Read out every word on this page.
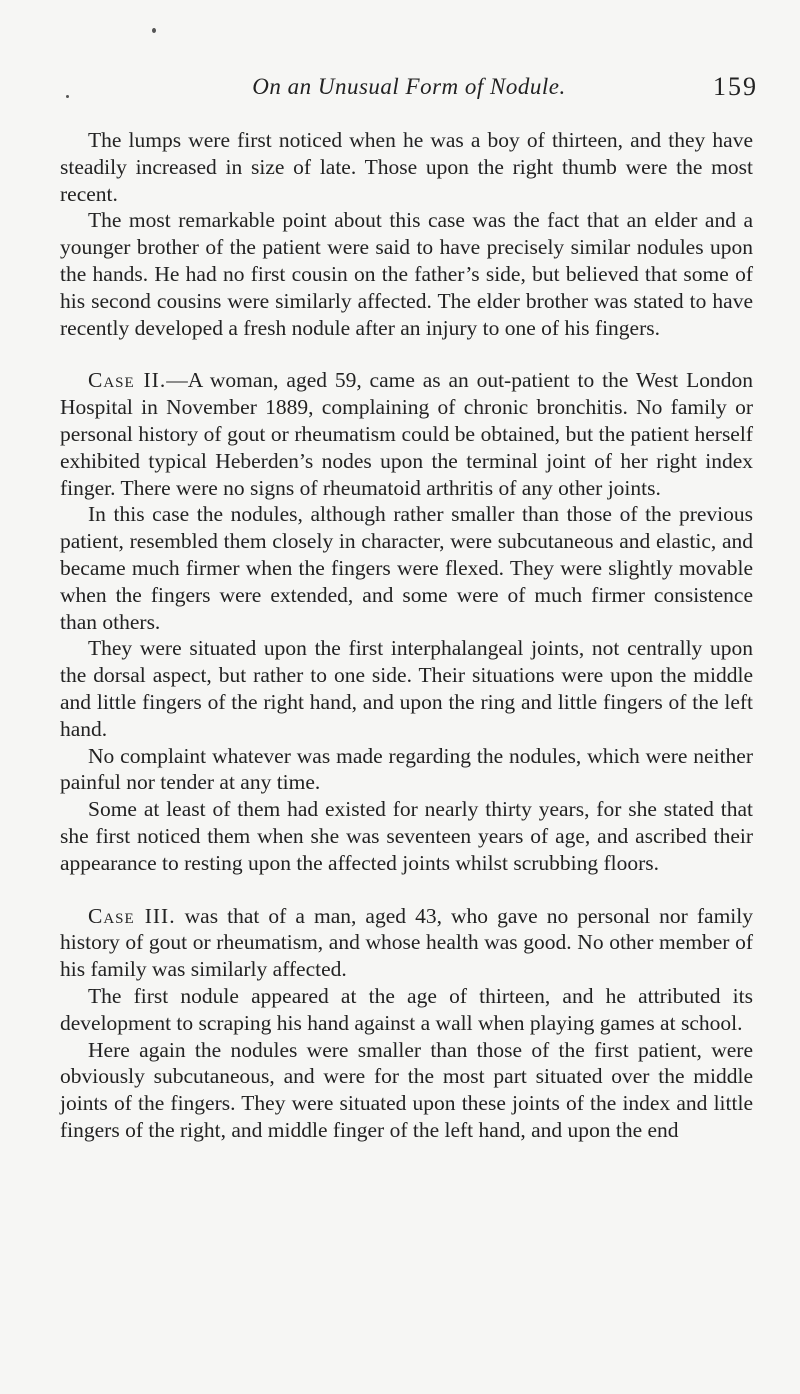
On an Unusual Form of Nodule.	159

The lumps were first noticed when he was a boy of thirteen, and they have steadily increased in size of late. Those upon the right thumb were the most recent.

The most remarkable point about this case was the fact that an elder and a younger brother of the patient were said to have precisely similar nodules upon the hands. He had no first cousin on the father’s side, but believed that some of his second cousins were similarly affected. The elder brother was stated to have recently developed a fresh nodule after an injury to one of his fingers.

Case II.—A woman, aged 59, came as an out-patient to the West London Hospital in November 1889, complaining of chronic bronchitis. No family or personal history of gout or rheumatism could be obtained, but the patient herself exhibited typical Heberden’s nodes upon the terminal joint of her right index finger. There were no signs of rheumatoid arthritis of any other joints.

In this case the nodules, although rather smaller than those of the previous patient, resembled them closely in character, were subcutaneous and elastic, and became much firmer when the fingers were flexed. They were slightly movable when the fingers were extended, and some were of much firmer consistence than others.

They were situated upon the first interphalangeal joints, not centrally upon the dorsal aspect, but rather to one side. Their situations were upon the middle and little fingers of the right hand, and upon the ring and little fingers of the left hand.

No complaint whatever was made regarding the nodules, which were neither painful nor tender at any time.

Some at least of them had existed for nearly thirty years, for she stated that she first noticed them when she was seventeen years of age, and ascribed their appearance to resting upon the affected joints whilst scrubbing floors.

Case III. was that of a man, aged 43, who gave no personal nor family history of gout or rheumatism, and whose health was good. No other member of his family was similarly affected.

The first nodule appeared at the age of thirteen, and he attributed its development to scraping his hand against a wall when playing games at school.

Here again the nodules were smaller than those of the first patient, were obviously subcutaneous, and were for the most part situated over the middle joints of the fingers. They were situated upon these joints of the index and little fingers of the right, and middle finger of the left hand, and upon the end
